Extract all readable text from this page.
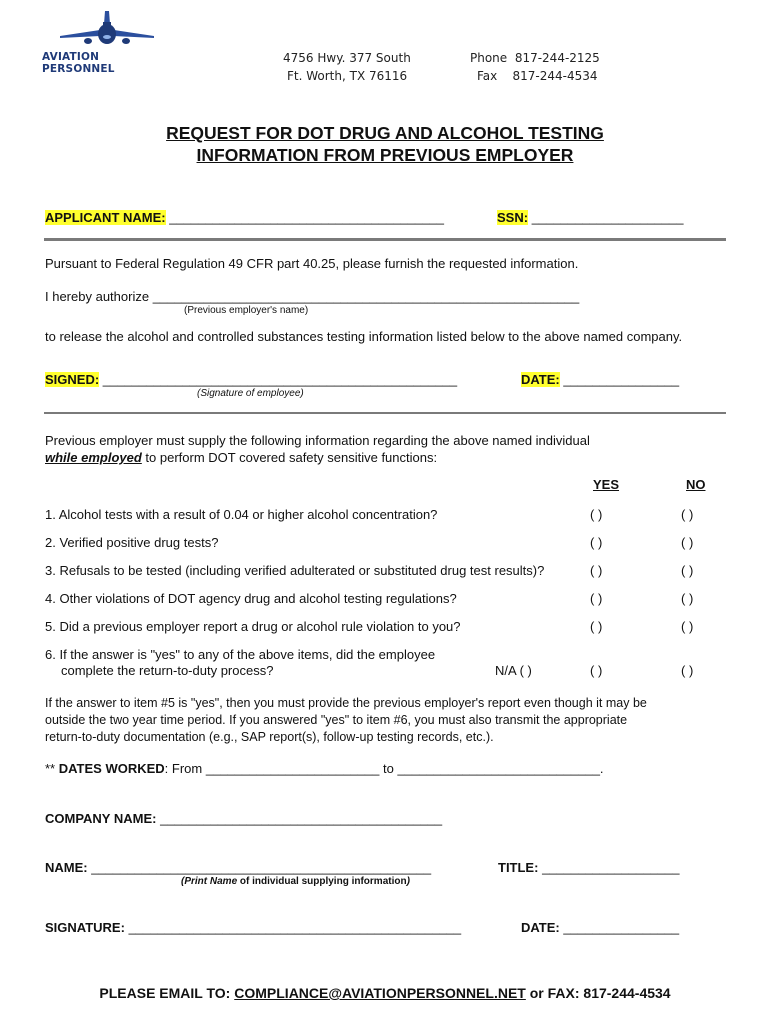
AVIATION PERSONNEL
4756 Hwy. 377 South
Ft. Worth, TX 76116
Phone 817-244-2125
Fax 817-244-4534
REQUEST FOR DOT DRUG AND ALCOHOL TESTING
INFORMATION FROM PREVIOUS EMPLOYER
APPLICANT NAME: ______________________________________	SSN: _____________________
Pursuant to Federal Regulation 49 CFR part 40.25, please furnish the requested information.
I hereby authorize ___________________________________________________________
(Previous employer's name)
to release the alcohol and controlled substances testing information listed below to the above named company.
SIGNED: _________________________________________________	DATE: ________________
(Signature of employee)
Previous employer must supply the following information regarding the above named individual
while employed to perform DOT covered safety sensitive functions:
YES	NO
1. Alcohol tests with a result of 0.04 or higher alcohol concentration?	( )	( )
2. Verified positive drug tests?	( )	( )
3. Refusals to be tested (including verified adulterated or substituted drug test results)?	( )	( )
4. Other violations of DOT agency drug and alcohol testing regulations?	( )	( )
5. Did a previous employer report a drug or alcohol rule violation to you?	( )	( )
6. If the answer is "yes" to any of the above items, did the employee
complete the return-to-duty process?	N/A ( )	( )	( )
If the answer to item #5 is "yes", then you must provide the previous employer's report even though it may be
outside the two year time period. If you answered "yes" to item #6, you must also transmit the appropriate
return-to-duty documentation (e.g., SAP report(s), follow-up testing records, etc.).
** DATES WORKED: From ________________________ to ____________________________.
COMPANY NAME: _______________________________________
NAME: _______________________________________________	TITLE: ___________________
(Print Name of individual supplying information)
SIGNATURE: ______________________________________________	DATE: ________________
PLEASE EMAIL TO: COMPLIANCE@AVIATIONPERSONNEL.NET or FAX: 817-244-4534
